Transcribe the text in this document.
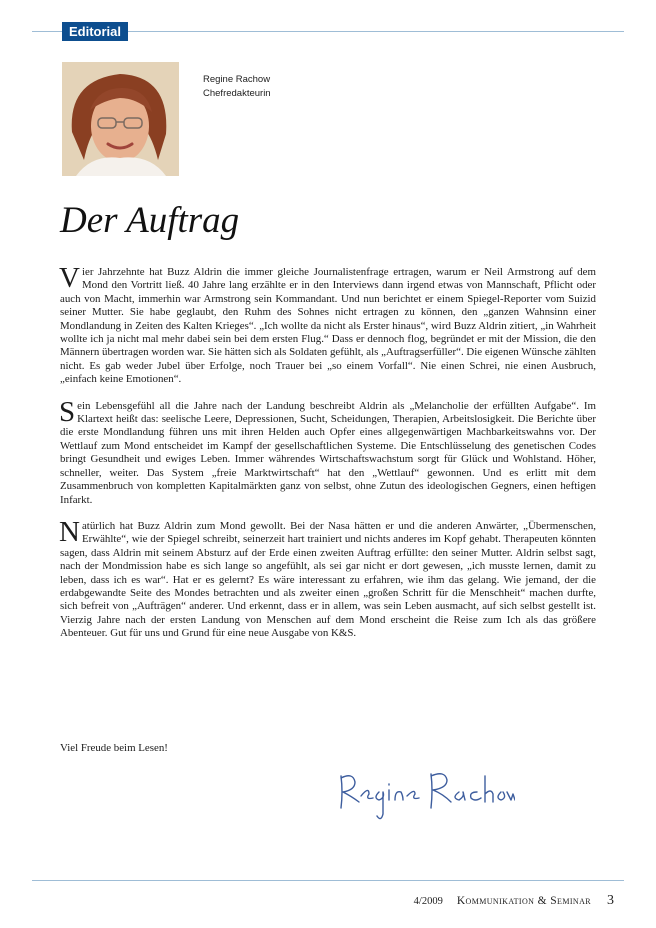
Editorial
Regine Rachow
Chefredakteurin
Der Auftrag

Vier Jahrzehnte hat Buzz Aldrin die immer gleiche Journalistenfrage ertragen, warum er Neil Armstrong auf dem Mond den Vortritt ließ. 40 Jahre lang erzählte er in den Interviews dann irgend etwas von Mannschaft, Pflicht oder auch von Macht, immerhin war Armstrong sein Kommandant. Und nun berichtet er einem Spiegel-Reporter vom Suizid seiner Mutter. Sie habe geglaubt, den Ruhm des Sohnes nicht ertragen zu können, den „ganzen Wahnsinn einer Mondlandung in Zeiten des Kalten Krieges“. „Ich wollte da nicht als Erster hinaus“, wird Buzz Aldrin zitiert, „in Wahrheit wollte ich ja nicht mal mehr dabei sein bei dem ersten Flug.“ Dass er dennoch flog, begründet er mit der Mission, die den Männern übertragen worden war. Sie hätten sich als Soldaten gefühlt, als „Auftragserfüller“. Die eigenen Wünsche zählten nicht. Es gab weder Jubel über Erfolge, noch Trauer bei „so einem Vorfall“. Nie einen Schrei, nie einen Ausbruch, „einfach keine Emotionen“.

Sein Lebensgefühl all die Jahre nach der Landung beschreibt Aldrin als „Melancholie der erfüllten Aufgabe“. Im Klartext heißt das: seelische Leere, Depressionen, Sucht, Scheidungen, Therapien, Arbeitslosigkeit. Die Berichte über die erste Mondlandung führen uns mit ihren Helden auch Opfer eines allgegenwärtigen Machbarkeitswahns vor. Der Wettlauf zum Mond entscheidet im Kampf der gesellschaftlichen Systeme. Die Entschlüsselung des genetischen Codes bringt Gesundheit und ewiges Leben. Immer währendes Wirtschaftswachstum sorgt für Glück und Wohlstand. Höher, schneller, weiter. Das System „freie Marktwirtschaft“ hat den „Wettlauf“ gewonnen. Und es erlitt mit dem Zusammenbruch von kompletten Kapitalmärkten ganz von selbst, ohne Zutun des ideologischen Gegners, einen heftigen Infarkt.

Natürlich hat Buzz Aldrin zum Mond gewollt. Bei der Nasa hätten er und die anderen Anwärter, „Übermenschen, Erwählte“, wie der Spiegel schreibt, seinerzeit hart trainiert und nichts anderes im Kopf gehabt. Therapeuten könnten sagen, dass Aldrin mit seinem Absturz auf der Erde einen zweiten Auftrag erfüllte: den seiner Mutter. Aldrin selbst sagt, nach der Mondmission habe es sich lange so angefühlt, als sei gar nicht er dort gewesen, „ich musste lernen, damit zu leben, dass ich es war“. Hat er es gelernt? Es wäre interessant zu erfahren, wie ihm das gelang. Wie jemand, der die erdabgewandte Seite des Mondes betrachten und als zweiter einen „großen Schritt für die Menschheit“ machen durfte, sich befreit von „Aufträgen“ anderer. Und erkennt, dass er in allem, was sein Leben ausmacht, auf sich selbst gestellt ist. Vierzig Jahre nach der ersten Landung von Menschen auf dem Mond erscheint die Reise zum Ich als das größere Abenteuer. Gut für uns und Grund für eine neue Ausgabe von K&S.

Viel Freude beim Lesen!
4/2009 Kommunikation & Seminar 3
